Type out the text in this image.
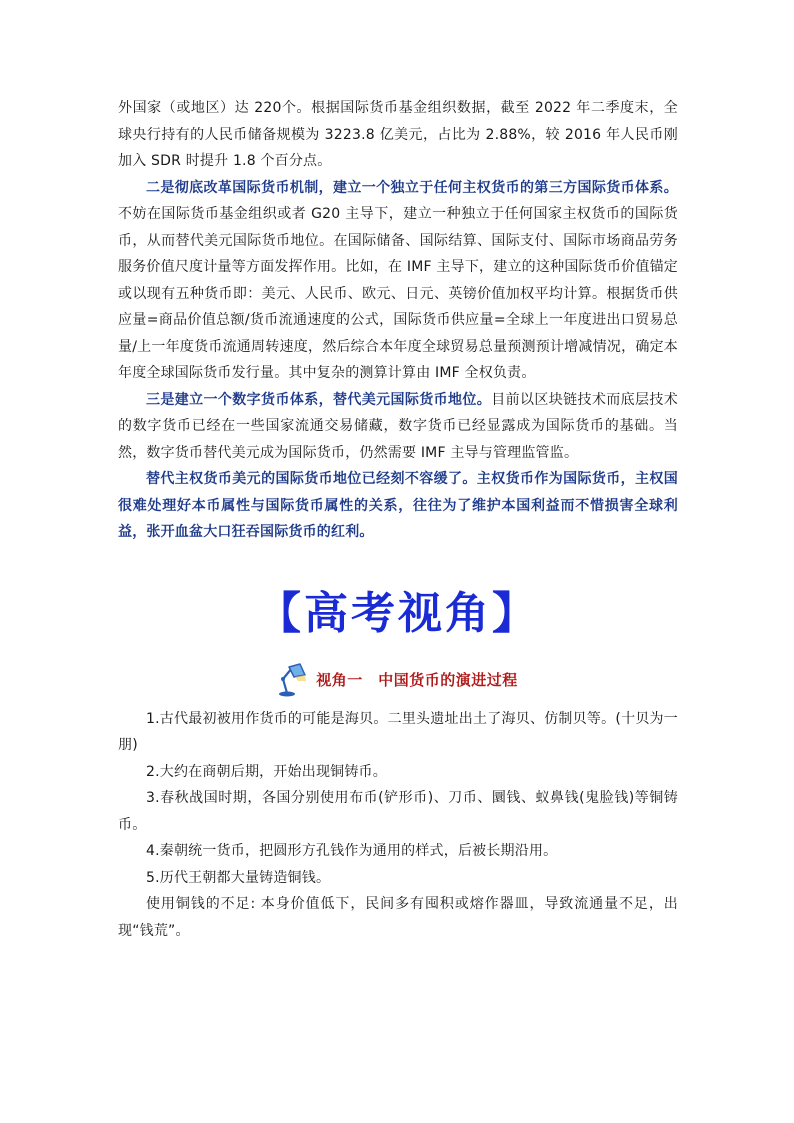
外国家（或地区）达 220个。根据国际货币基金组织数据，截至 2022 年二季度末，全球央行持有的人民币储备规模为 3223.8 亿美元，占比为 2.88%，较 2016 年人民币刚加入 SDR 时提升 1.8 个百分点。

二是彻底改革国际货币机制，建立一个独立于任何主权货币的第三方国际货币体系。不妨在国际货币基金组织或者 G20 主导下，建立一种独立于任何国家主权货币的国际货币，从而替代美元国际货币地位。在国际储备、国际结算、国际支付、国际市场商品劳务服务价值尺度计量等方面发挥作用。比如，在 IMF 主导下，建立的这种国际货币价值锚定或以现有五种货币即：美元、人民币、欧元、日元、英镑价值加权平均计算。根据货币供应量=商品价值总额/货币流通速度的公式，国际货币供应量=全球上一年度进出口贸易总量/上一年度货币流通周转速度，然后综合本年度全球贸易总量预测预计增减情况，确定本年度全球国际货币发行量。其中复杂的测算计算由 IMF 全权负责。

三是建立一个数字货币体系，替代美元国际货币地位。目前以区块链技术而底层技术的数字货币已经在一些国家流通交易储藏，数字货币已经显露成为国际货币的基础。当然，数字货币替代美元成为国际货币，仍然需要 IMF 主导与管理监管监。

替代主权货币美元的国际货币地位已经刻不容缓了。主权货币作为国际货币，主权国很难处理好本币属性与国际货币属性的关系，往往为了维护本国利益而不惜损害全球利益，张开血盆大口狂吞国际货币的红利。

【高考视角】
视角一　中国货币的演进过程

1.古代最初被用作货币的可能是海贝。二里头遗址出土了海贝、仿制贝等。(十贝为一朋)

2.大约在商朝后期，开始出现铜铸币。

3.春秋战国时期，各国分别使用布币(铲形币)、刀币、圜钱、蚁鼻钱(鬼脸钱)等铜铸币。

4.秦朝统一货币，把圆形方孔钱作为通用的样式，后被长期沿用。

5.历代王朝都大量铸造铜钱。

使用铜钱的不足: 本身价值低下，民间多有囤积或熔作器皿，导致流通量不足，出现“钱荒”。
